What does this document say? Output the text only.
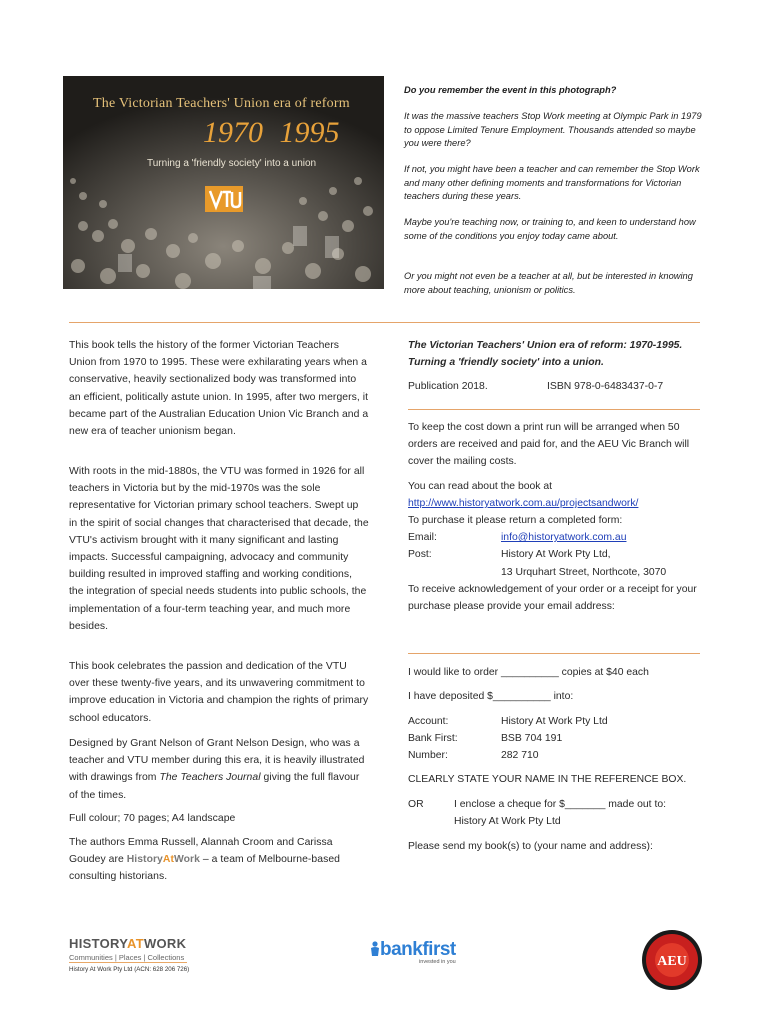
The Victorian Teachers' Union era of reform
1970   1995
Turning a 'friendly society' into a union
Do you remember the event in this photograph?
It was the massive teachers Stop Work meeting at Olympic Park in 1979 to oppose Limited Tenure Employment. Thousands attended so maybe you were there?
If not, you might have been a teacher and can remember the Stop Work and many other defining moments and transformations for Victorian teachers during these years.
Maybe you're teaching now, or training to, and keen to understand how some of the conditions you enjoy today came about.
Or you might not even be a teacher at all, but be interested in knowing more about teaching, unionism or politics.
This book tells the history of the former Victorian Teachers Union from 1970 to 1995. These were exhilarating years when a conservative, heavily sectionalized body was transformed into an efficient, politically astute union. In 1995, after two mergers, it became part of the Australian Education Union Vic Branch and a new era of teacher unionism began.
With roots in the mid-1880s, the VTU was formed in 1926 for all teachers in Victoria but by the mid-1970s was the sole representative for Victorian primary school teachers. Swept up in the spirit of social changes that characterised that decade, the VTU's activism brought with it many significant and lasting impacts. Successful campaigning, advocacy and community building resulted in improved staffing and working conditions, the integration of special needs students into public schools, the implementation of a four-term teaching year, and much more besides.
This book celebrates the passion and dedication of the VTU over these twenty-five years, and its unwavering commitment to improve education in Victoria and champion the rights of primary school educators.
Designed by Grant Nelson of Grant Nelson Design, who was a teacher and VTU member during this era, it is heavily illustrated with drawings from The Teachers Journal giving the full flavour of the times.
Full colour; 70 pages; A4 landscape
The authors Emma Russell, Alannah Croom and Carissa Goudey are HistoryAtWork – a team of Melbourne-based consulting historians.
The Victorian Teachers' Union era of reform: 1970-1995. Turning a 'friendly society' into a union.
Publication 2018.	ISBN 978-0-6483437-0-7
To keep the cost down a print run will be arranged when 50 orders are received and paid for, and the AEU Vic Branch will cover the mailing costs.
You can read about the book at
http://www.historyatwork.com.au/projectsandwork/
To purchase it please return a completed form:
Email:	info@historyatwork.com.au
Post:	History At Work Pty Ltd,
13 Urquhart Street, Northcote, 3070
To receive acknowledgement of your order or a receipt for your purchase please provide your email address:
I would like to order __________ copies at $40 each
I have deposited $__________ into:
Account:	History At Work Pty Ltd
Bank First:	BSB 704 191
Number:	282 710
CLEARLY STATE YOUR NAME IN THE REFERENCE BOX.
OR	I enclose a cheque for $_______ made out to:
History At Work Pty Ltd
Please send my book(s) to (your name and address):
HISTORYATWORK
Communities | Places | Collections
History At Work Pty Ltd (ACN: 628 206 726)
bankfirst
invested in you	AEU
